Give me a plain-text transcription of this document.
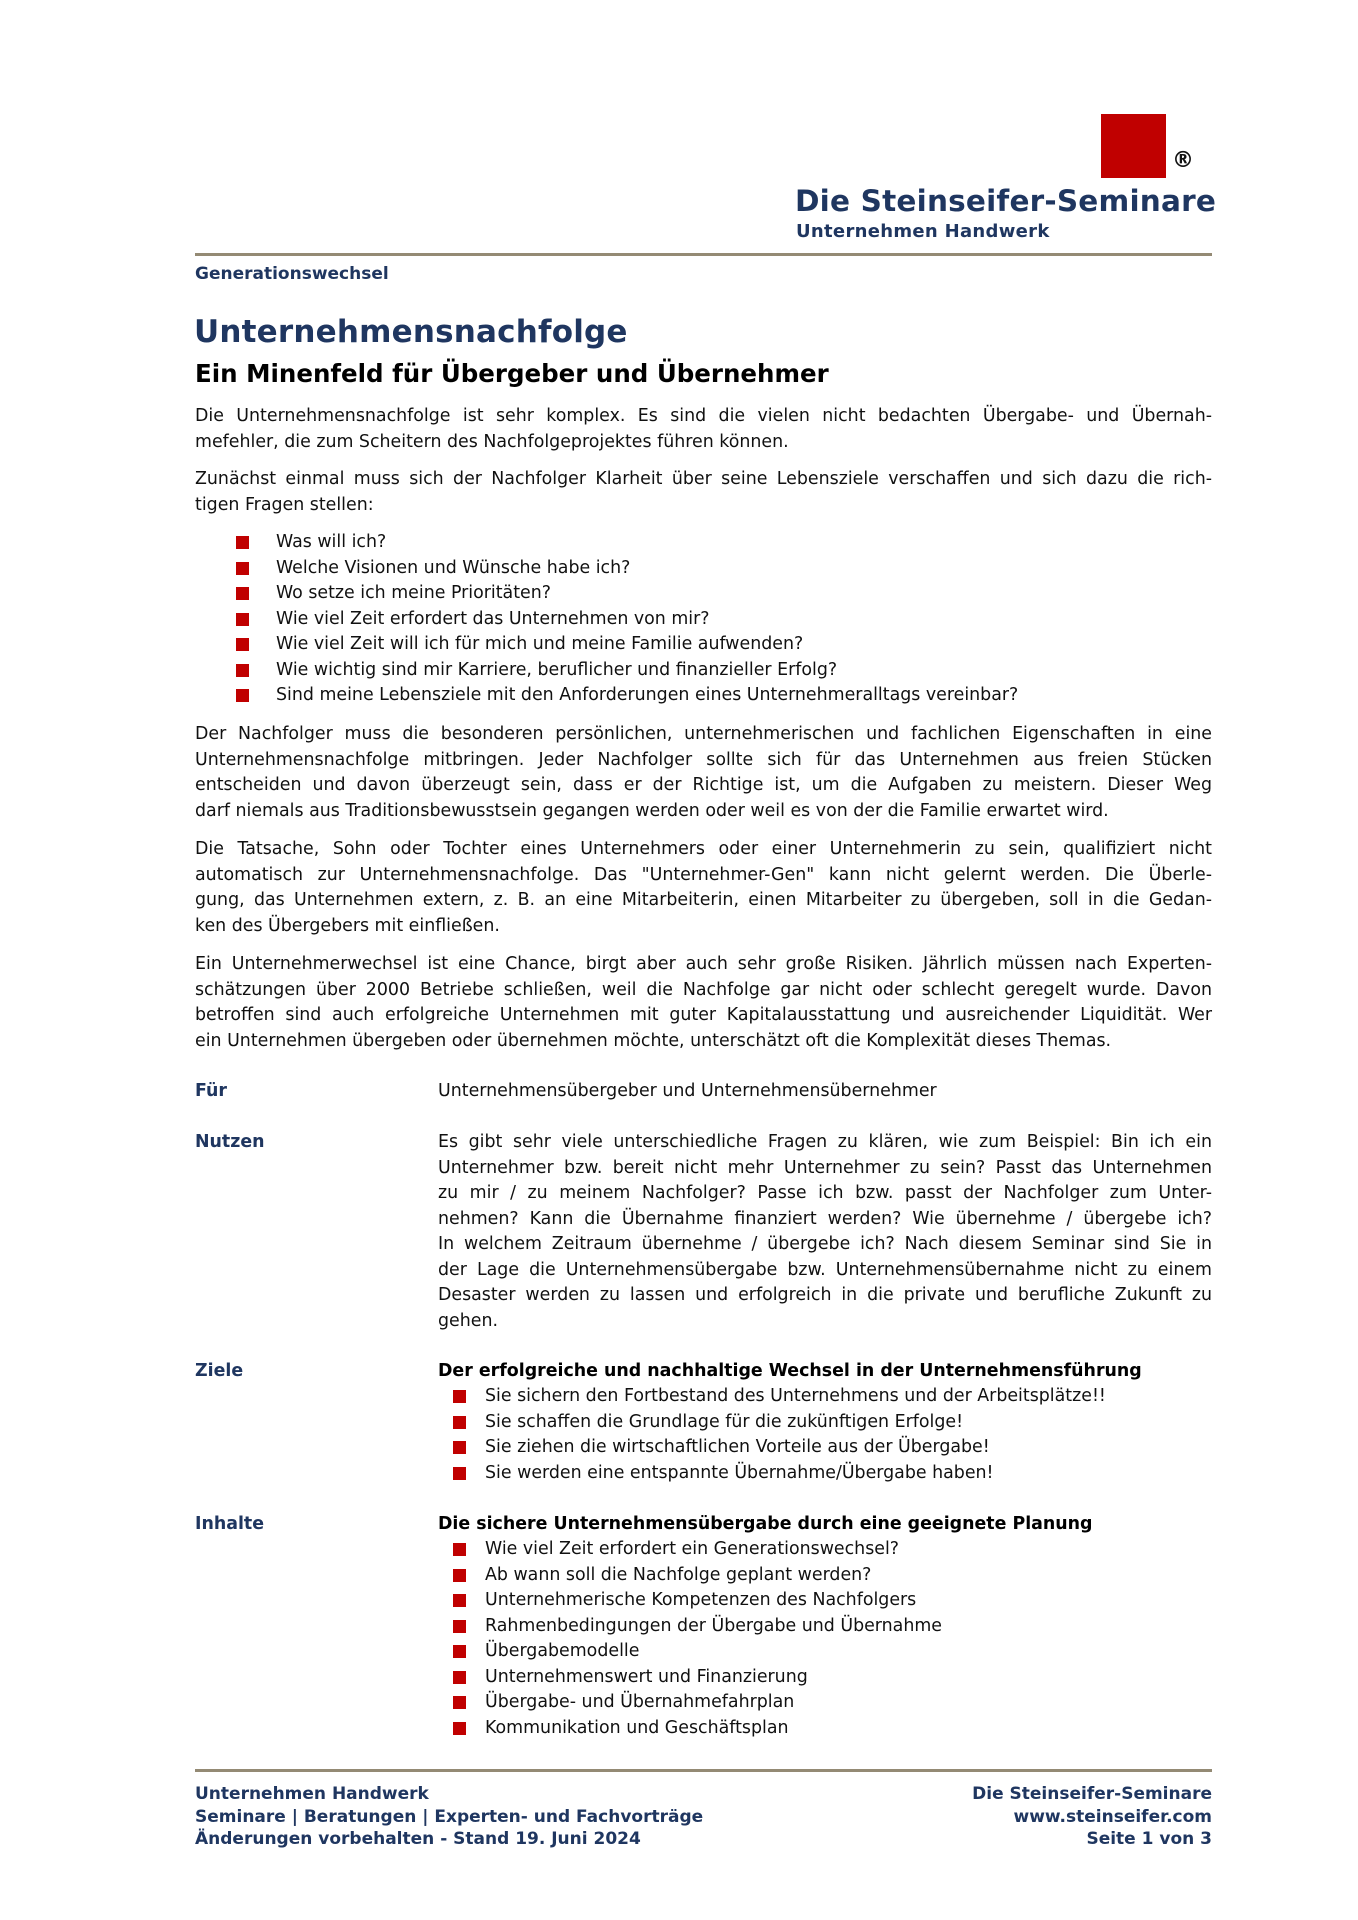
®
Die Steinseifer-Seminare
Unternehmen Handwerk
Generationswechsel
Unternehmensnachfolge
Ein Minenfeld für Übergeber und Übernehmer
Die Unternehmensnachfolge ist sehr komplex. Es sind die vielen nicht bedachten Übergabe- und Übernah-
mefehler, die zum Scheitern des Nachfolgeprojektes führen können.
Zunächst einmal muss sich der Nachfolger Klarheit über seine Lebensziele verschaffen und sich dazu die rich-
tigen Fragen stellen:
Was will ich?
Welche Visionen und Wünsche habe ich?
Wo setze ich meine Prioritäten?
Wie viel Zeit erfordert das Unternehmen von mir?
Wie viel Zeit will ich für mich und meine Familie aufwenden?
Wie wichtig sind mir Karriere, beruflicher und finanzieller Erfolg?
Sind meine Lebensziele mit den Anforderungen eines Unternehmeralltags vereinbar?
Der Nachfolger muss die besonderen persönlichen, unternehmerischen und fachlichen Eigenschaften in eine
Unternehmensnachfolge mitbringen. Jeder Nachfolger sollte sich für das Unternehmen aus freien Stücken
entscheiden und davon überzeugt sein, dass er der Richtige ist, um die Aufgaben zu meistern. Dieser Weg
darf niemals aus Traditionsbewusstsein gegangen werden oder weil es von der die Familie erwartet wird.
Die Tatsache, Sohn oder Tochter eines Unternehmers oder einer Unternehmerin zu sein, qualifiziert nicht
automatisch zur Unternehmensnachfolge. Das "Unternehmer-Gen" kann nicht gelernt werden. Die Überle-
gung, das Unternehmen extern, z. B. an eine Mitarbeiterin, einen Mitarbeiter zu übergeben, soll in die Gedan-
ken des Übergebers mit einfließen.
Ein Unternehmerwechsel ist eine Chance, birgt aber auch sehr große Risiken. Jährlich müssen nach Experten-
schätzungen über 2000 Betriebe schließen, weil die Nachfolge gar nicht oder schlecht geregelt wurde. Davon
betroffen sind auch erfolgreiche Unternehmen mit guter Kapitalausstattung und ausreichender Liquidität. Wer
ein Unternehmen übergeben oder übernehmen möchte, unterschätzt oft die Komplexität dieses Themas.
Für	Unternehmensübergeber und Unternehmensübernehmer
Nutzen	Es gibt sehr viele unterschiedliche Fragen zu klären, wie zum Beispiel: Bin ich ein
Unternehmer bzw. bereit nicht mehr Unternehmer zu sein? Passt das Unternehmen
zu mir / zu meinem Nachfolger? Passe ich bzw. passt der Nachfolger zum Unter-
nehmen? Kann die Übernahme finanziert werden? Wie übernehme / übergebe ich?
In welchem Zeitraum übernehme / übergebe ich? Nach diesem Seminar sind Sie in
der Lage die Unternehmensübergabe bzw. Unternehmensübernahme nicht zu einem
Desaster werden zu lassen und erfolgreich in die private und berufliche Zukunft zu
gehen.
Ziele	Der erfolgreiche und nachhaltige Wechsel in der Unternehmensführung
Sie sichern den Fortbestand des Unternehmens und der Arbeitsplätze!!
Sie schaffen die Grundlage für die zukünftigen Erfolge!
Sie ziehen die wirtschaftlichen Vorteile aus der Übergabe!
Sie werden eine entspannte Übernahme/Übergabe haben!
Inhalte	Die sichere Unternehmensübergabe durch eine geeignete Planung
Wie viel Zeit erfordert ein Generationswechsel?
Ab wann soll die Nachfolge geplant werden?
Unternehmerische Kompetenzen des Nachfolgers
Rahmenbedingungen der Übergabe und Übernahme
Übergabemodelle
Unternehmenswert und Finanzierung
Übergabe- und Übernahmefahrplan
Kommunikation und Geschäftsplan
Unternehmen Handwerk
Seminare | Beratungen | Experten- und Fachvorträge
Änderungen vorbehalten - Stand 19. Juni 2024
Die Steinseifer-Seminare
www.steinseifer.com
Seite 1 von 3
